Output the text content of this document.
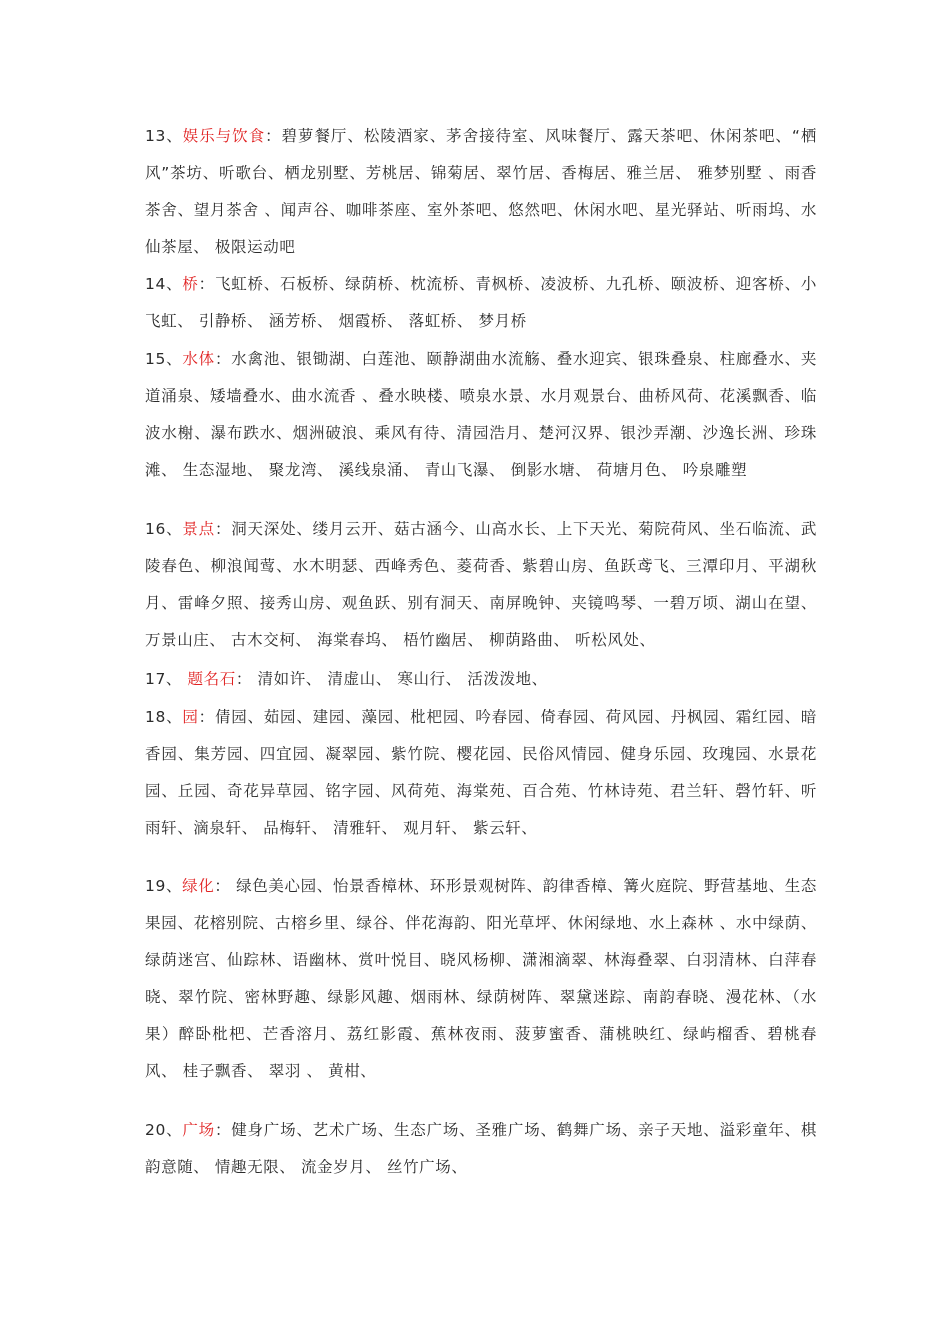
13、娱乐与饮食：碧萝餐厅、松陵酒家、茅舍接待室、风味餐厅、露天茶吧、休闲茶吧、“栖风”茶坊、听歌台、栖龙别墅、芳桃居、锦菊居、翠竹居、香梅居、雅兰居、 雅梦别墅 、雨香茶舍、望月茶舍 、闻声谷、咖啡茶座、室外茶吧、悠然吧、休闲水吧、星光驿站、听雨坞、水仙茶屋、 极限运动吧
14、桥：飞虹桥、石板桥、绿荫桥、枕流桥、青枫桥、凌波桥、九孔桥、颐波桥、迎客桥、小飞虹、 引静桥、 涵芳桥、 烟霞桥、 落虹桥、 梦月桥
15、水体：水禽池、银锄湖、白莲池、颐静湖曲水流觞、叠水迎宾、银珠叠泉、柱廊叠水、夹道涌泉、矮墙叠水、曲水流香 、叠水映楼、喷泉水景、水月观景台、曲桥风荷、花溪飘香、临波水榭、瀑布跌水、烟洲破浪、乘风有待、清园浩月、楚河汉界、银沙弄潮、沙逸长洲、珍珠滩、 生态湿地、 聚龙湾、 溪线泉涌、 青山飞瀑、 倒影水塘、 荷塘月色、 吟泉雕塑
16、景点：洞天深处、缕月云开、菇古涵今、山高水长、上下天光、菊院荷风、坐石临流、武陵春色、柳浪闻莺、水木明瑟、西峰秀色、菱荷香、紫碧山房、鱼跃鸢飞、三潭印月、平湖秋月、雷峰夕照、接秀山房、观鱼跃、别有洞天、南屏晚钟、夹镜鸣琴、一碧万顷、湖山在望、万景山庄、 古木交柯、 海棠春坞、 梧竹幽居、 柳荫路曲、 听松风处、
17、 题名石： 清如许、 清虚山、 寒山行、 活泼泼地、
18、园：倩园、茹园、建园、藻园、枇杷园、吟春园、倚春园、荷风园、丹枫园、霜红园、暗香园、集芳园、四宜园、凝翠园、紫竹院、樱花园、民俗风情园、健身乐园、玫瑰园、水景花园、丘园、奇花异草园、铭字园、风荷苑、海棠苑、百合苑、竹林诗苑、君兰轩、磬竹轩、听雨轩、滴泉轩、 品梅轩、 清雅轩、 观月轩、 紫云轩、
19、绿化： 绿色美心园、怡景香樟林、环形景观树阵、韵律香樟、篝火庭院、野营基地、生态果园、花榕别院、古榕乡里、绿谷、伴花海韵、阳光草坪、休闲绿地、水上森林 、水中绿荫、绿荫迷宫、仙踪林、语幽林、赏叶悦目、晓风杨柳、潇湘滴翠、林海叠翠、白羽清林、白萍春晓、翠竹院、密林野趣、绿影风趣、烟雨林、绿荫树阵、翠黛迷踪、南韵春晓、漫花林、（水果）醉卧枇杷、芒香溶月、荔红影霞、蕉林夜雨、菠萝蜜香、蒲桃映红、绿屿榴香、碧桃春风、 桂子飘香、 翠羽 、 黄柑、
20、广场：健身广场、艺术广场、生态广场、圣雅广场、鹤舞广场、亲子天地、溢彩童年、棋韵意随、 情趣无限、 流金岁月、 丝竹广场、
